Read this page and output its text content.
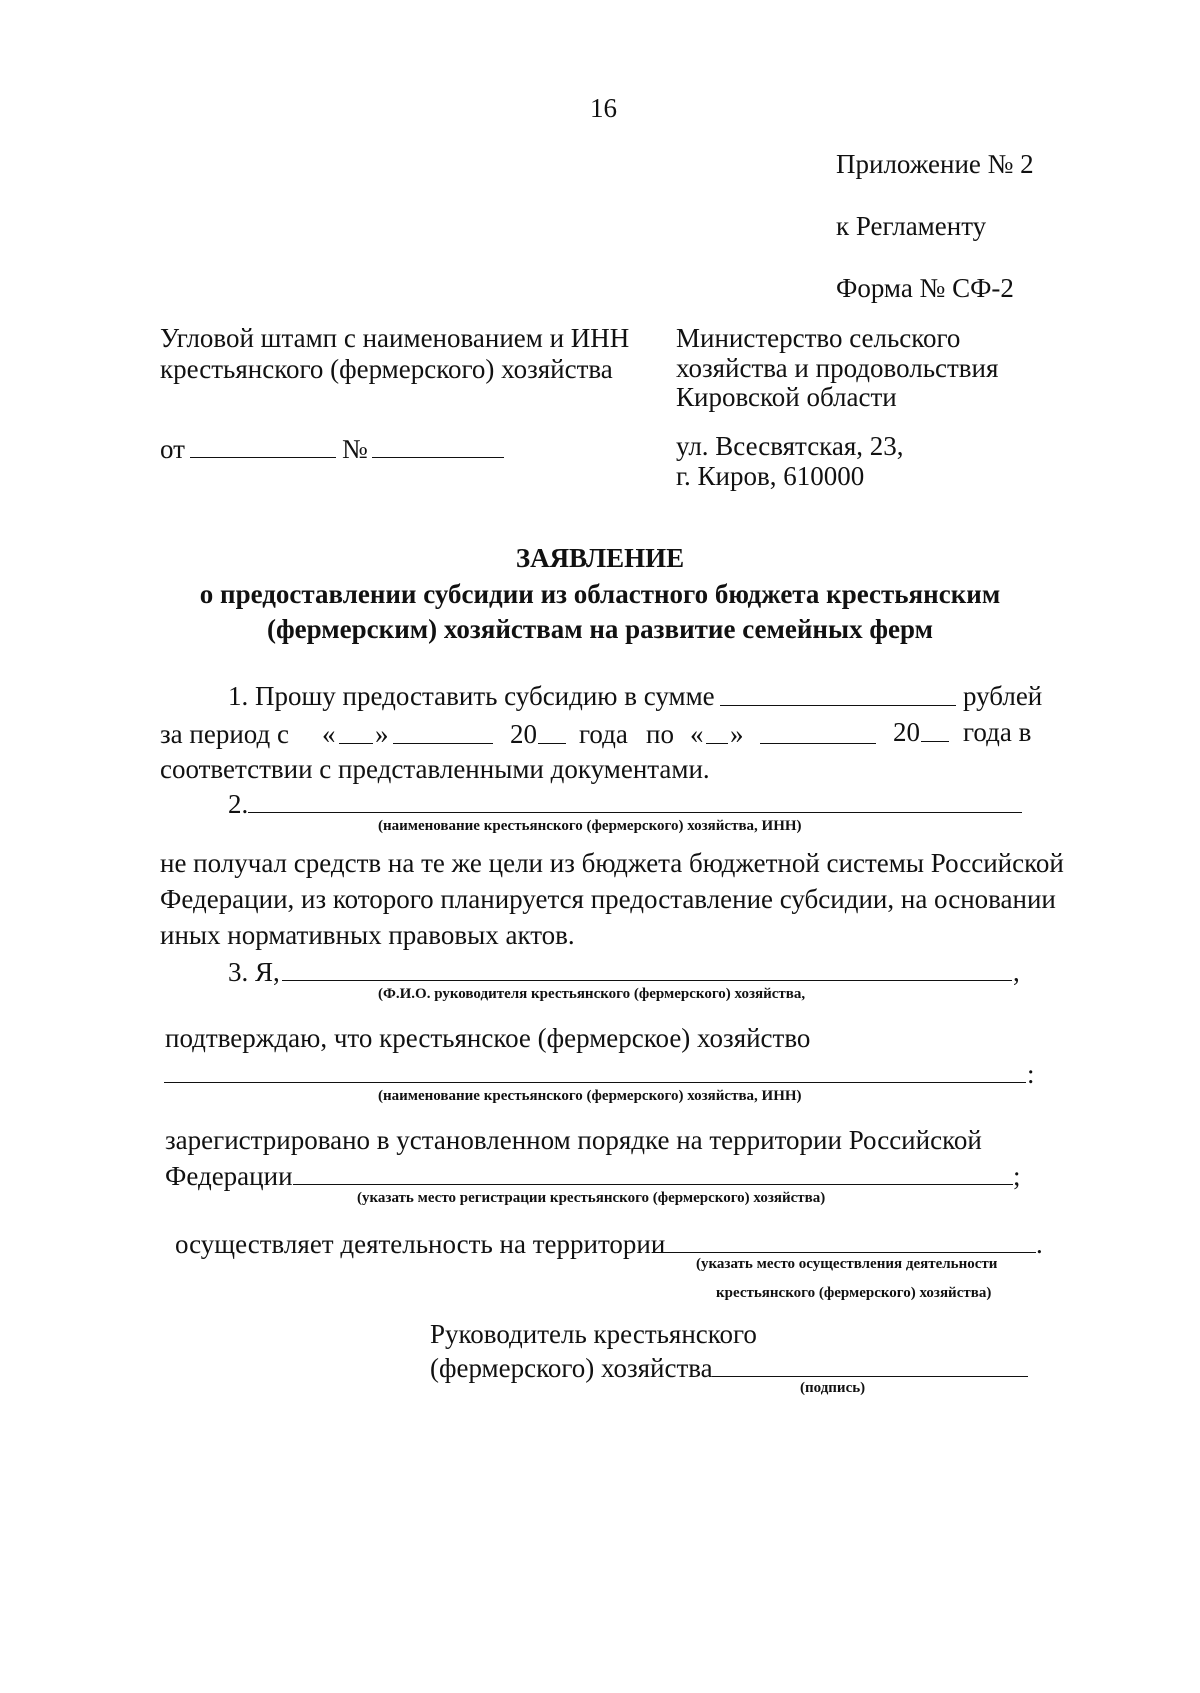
16
Приложение № 2
к Регламенту
Форма № СФ-2
Угловой штамп с наименованием и ИНН
крестьянского (фермерского) хозяйства
от	№
Министерство сельского
хозяйства и продовольствия
Кировской области
ул. Всесвятская, 23,
г. Киров, 610000
ЗАЯВЛЕНИЕ
о предоставлении субсидии из областного бюджета крестьянским
(фермерским) хозяйствам на развитие семейных ферм
1. Прошу предоставить субсидию в сумме	рублей
за период с « »	20 года по « »	20 года в
соответствии с представленными документами.
2.
(наименование крестьянского (фермерского) хозяйства, ИНН)
не получал средств на те же цели из бюджета бюджетной системы Российской
Федерации, из которого планируется предоставление субсидии, на основании
иных нормативных правовых актов.
3. Я,	,
(Ф.И.О. руководителя крестьянского (фермерского) хозяйства,
подтверждаю, что крестьянское (фермерское) хозяйство
:
(наименование крестьянского (фермерского) хозяйства, ИНН)
зарегистрировано в установленном порядке на территории Российской
Федерации	;
(указать место регистрации крестьянского (фермерского) хозяйства)
осуществляет деятельность на территории	.
(указать место осуществления деятельности
крестьянского (фермерского) хозяйства)
Руководитель крестьянского
(фермерского) хозяйства
(подпись)
